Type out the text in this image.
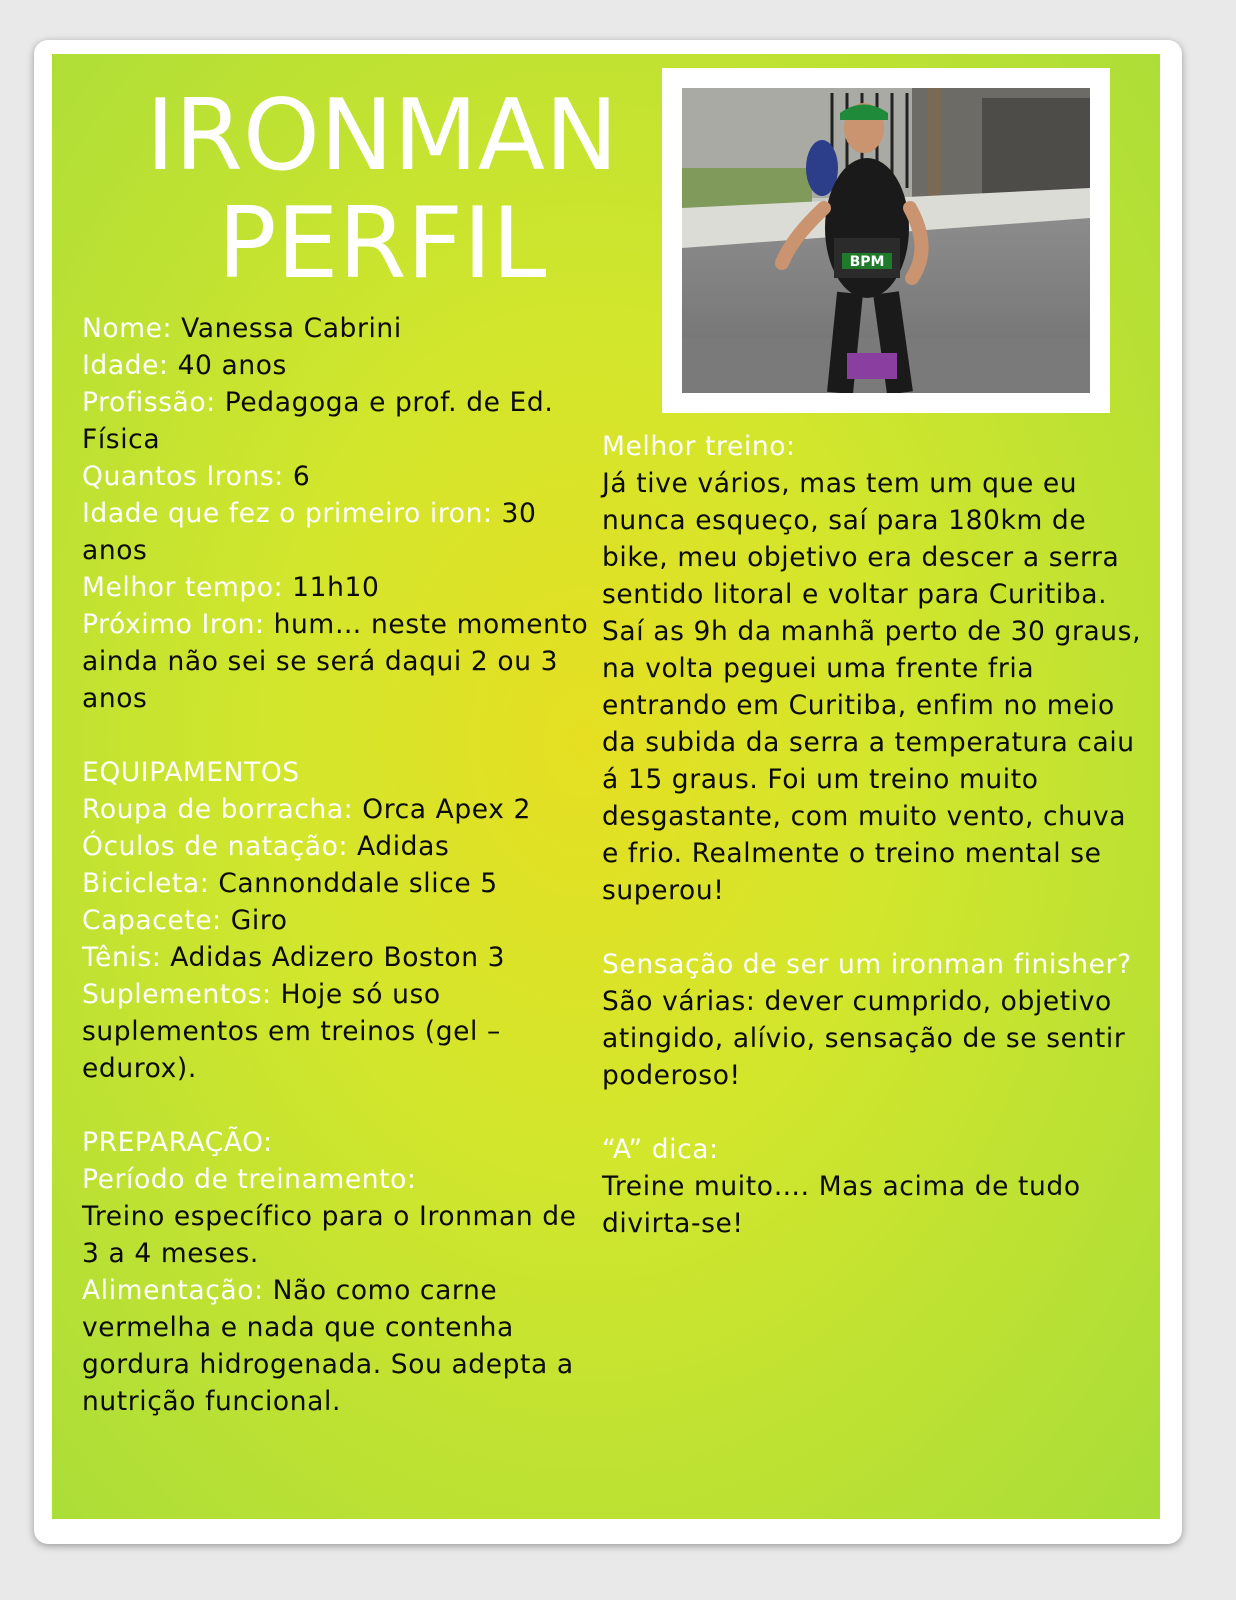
IRONMAN
PERFIL	BPM

Nome: Vanessa Cabrini

Idade: 40 anos

Profissão: Pedagoga e prof. de Ed. Física

Quantos Irons: 6

Idade que fez o primeiro iron: 30 anos

Melhor tempo: 11h10

Próximo Iron: hum… neste momento ainda não sei se será daqui 2 ou 3 anos

EQUIPAMENTOS

Roupa de borracha: Orca Apex 2

Óculos de natação: Adidas

Bicicleta: Cannonddale slice 5

Capacete: Giro

Tênis: Adidas Adizero Boston 3

Suplementos: Hoje só uso suplementos em treinos (gel – edurox).

PREPARAÇÃO:

Período de treinamento:

Treino específico para o Ironman de 3 a 4 meses.

Alimentação: Não como carne vermelha e nada que contenha gordura hidrogenada. Sou adepta a nutrição funcional.

Melhor treino:

Já tive vários, mas tem um que eu nunca esqueço, saí para 180km de bike, meu objetivo era descer a serra sentido litoral e voltar para Curitiba. Saí as 9h da manhã perto de 30 graus, na volta peguei uma frente fria entrando em Curitiba, enfim no meio da subida da serra a temperatura caiu á 15 graus. Foi um treino muito desgastante, com muito vento, chuva e frio. Realmente o treino mental se superou!

Sensação de ser um ironman finisher?

São várias: dever cumprido, objetivo atingido, alívio, sensação de se sentir poderoso!

“A” dica:

Treine muito…. Mas acima de tudo divirta-se!
